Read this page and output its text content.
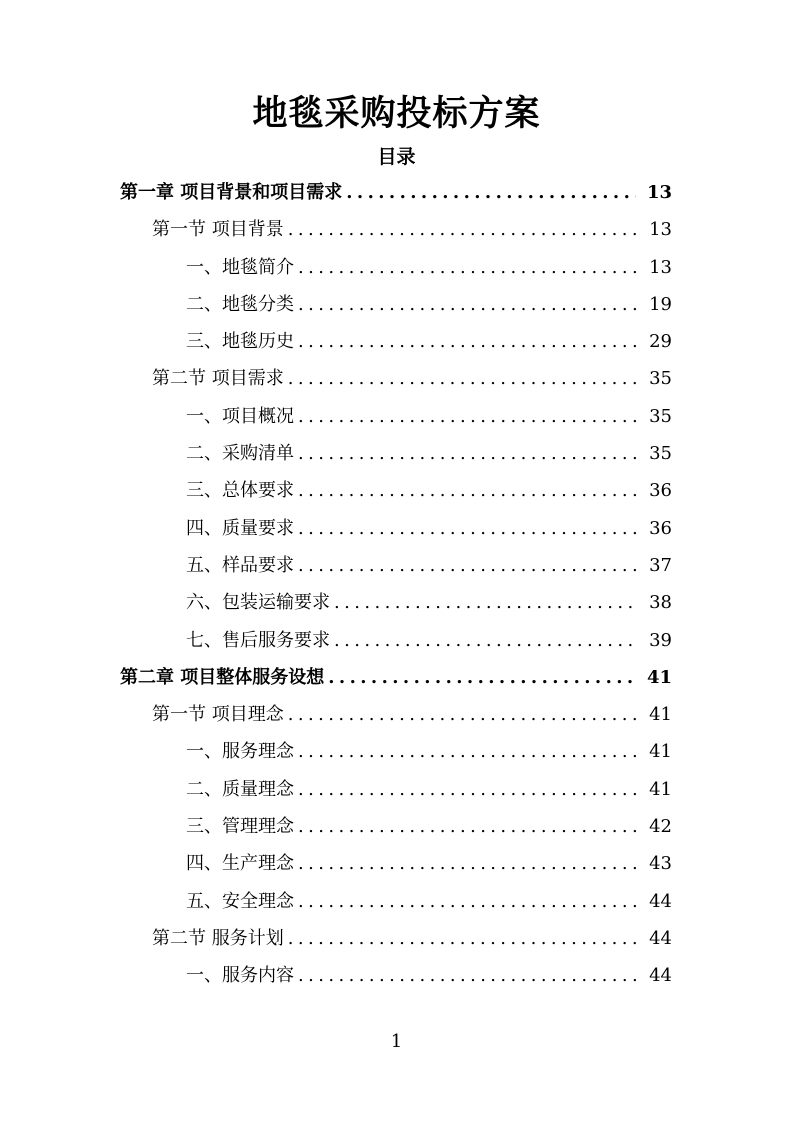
地毯采购投标方案
目录
第一章 项目背景和项目需求 .....	13
第一节 项目背景 .....	13
一、地毯简介 .....	13
二、地毯分类 .....	19
三、地毯历史 .....	29
第二节 项目需求 .....	35
一、项目概况 .....	35
二、采购清单 .....	35
三、总体要求 .....	36
四、质量要求 .....	36
五、样品要求 .....	37
六、包装运输要求 .....	38
七、售后服务要求 .....	39
第二章 项目整体服务设想 .....	41
第一节 项目理念 .....	41
一、服务理念 .....	41
二、质量理念 .....	41
三、管理理念 .....	42
四、生产理念 .....	43
五、安全理念 .....	44
第二节 服务计划 .....	44
一、服务内容 .....	44
1
